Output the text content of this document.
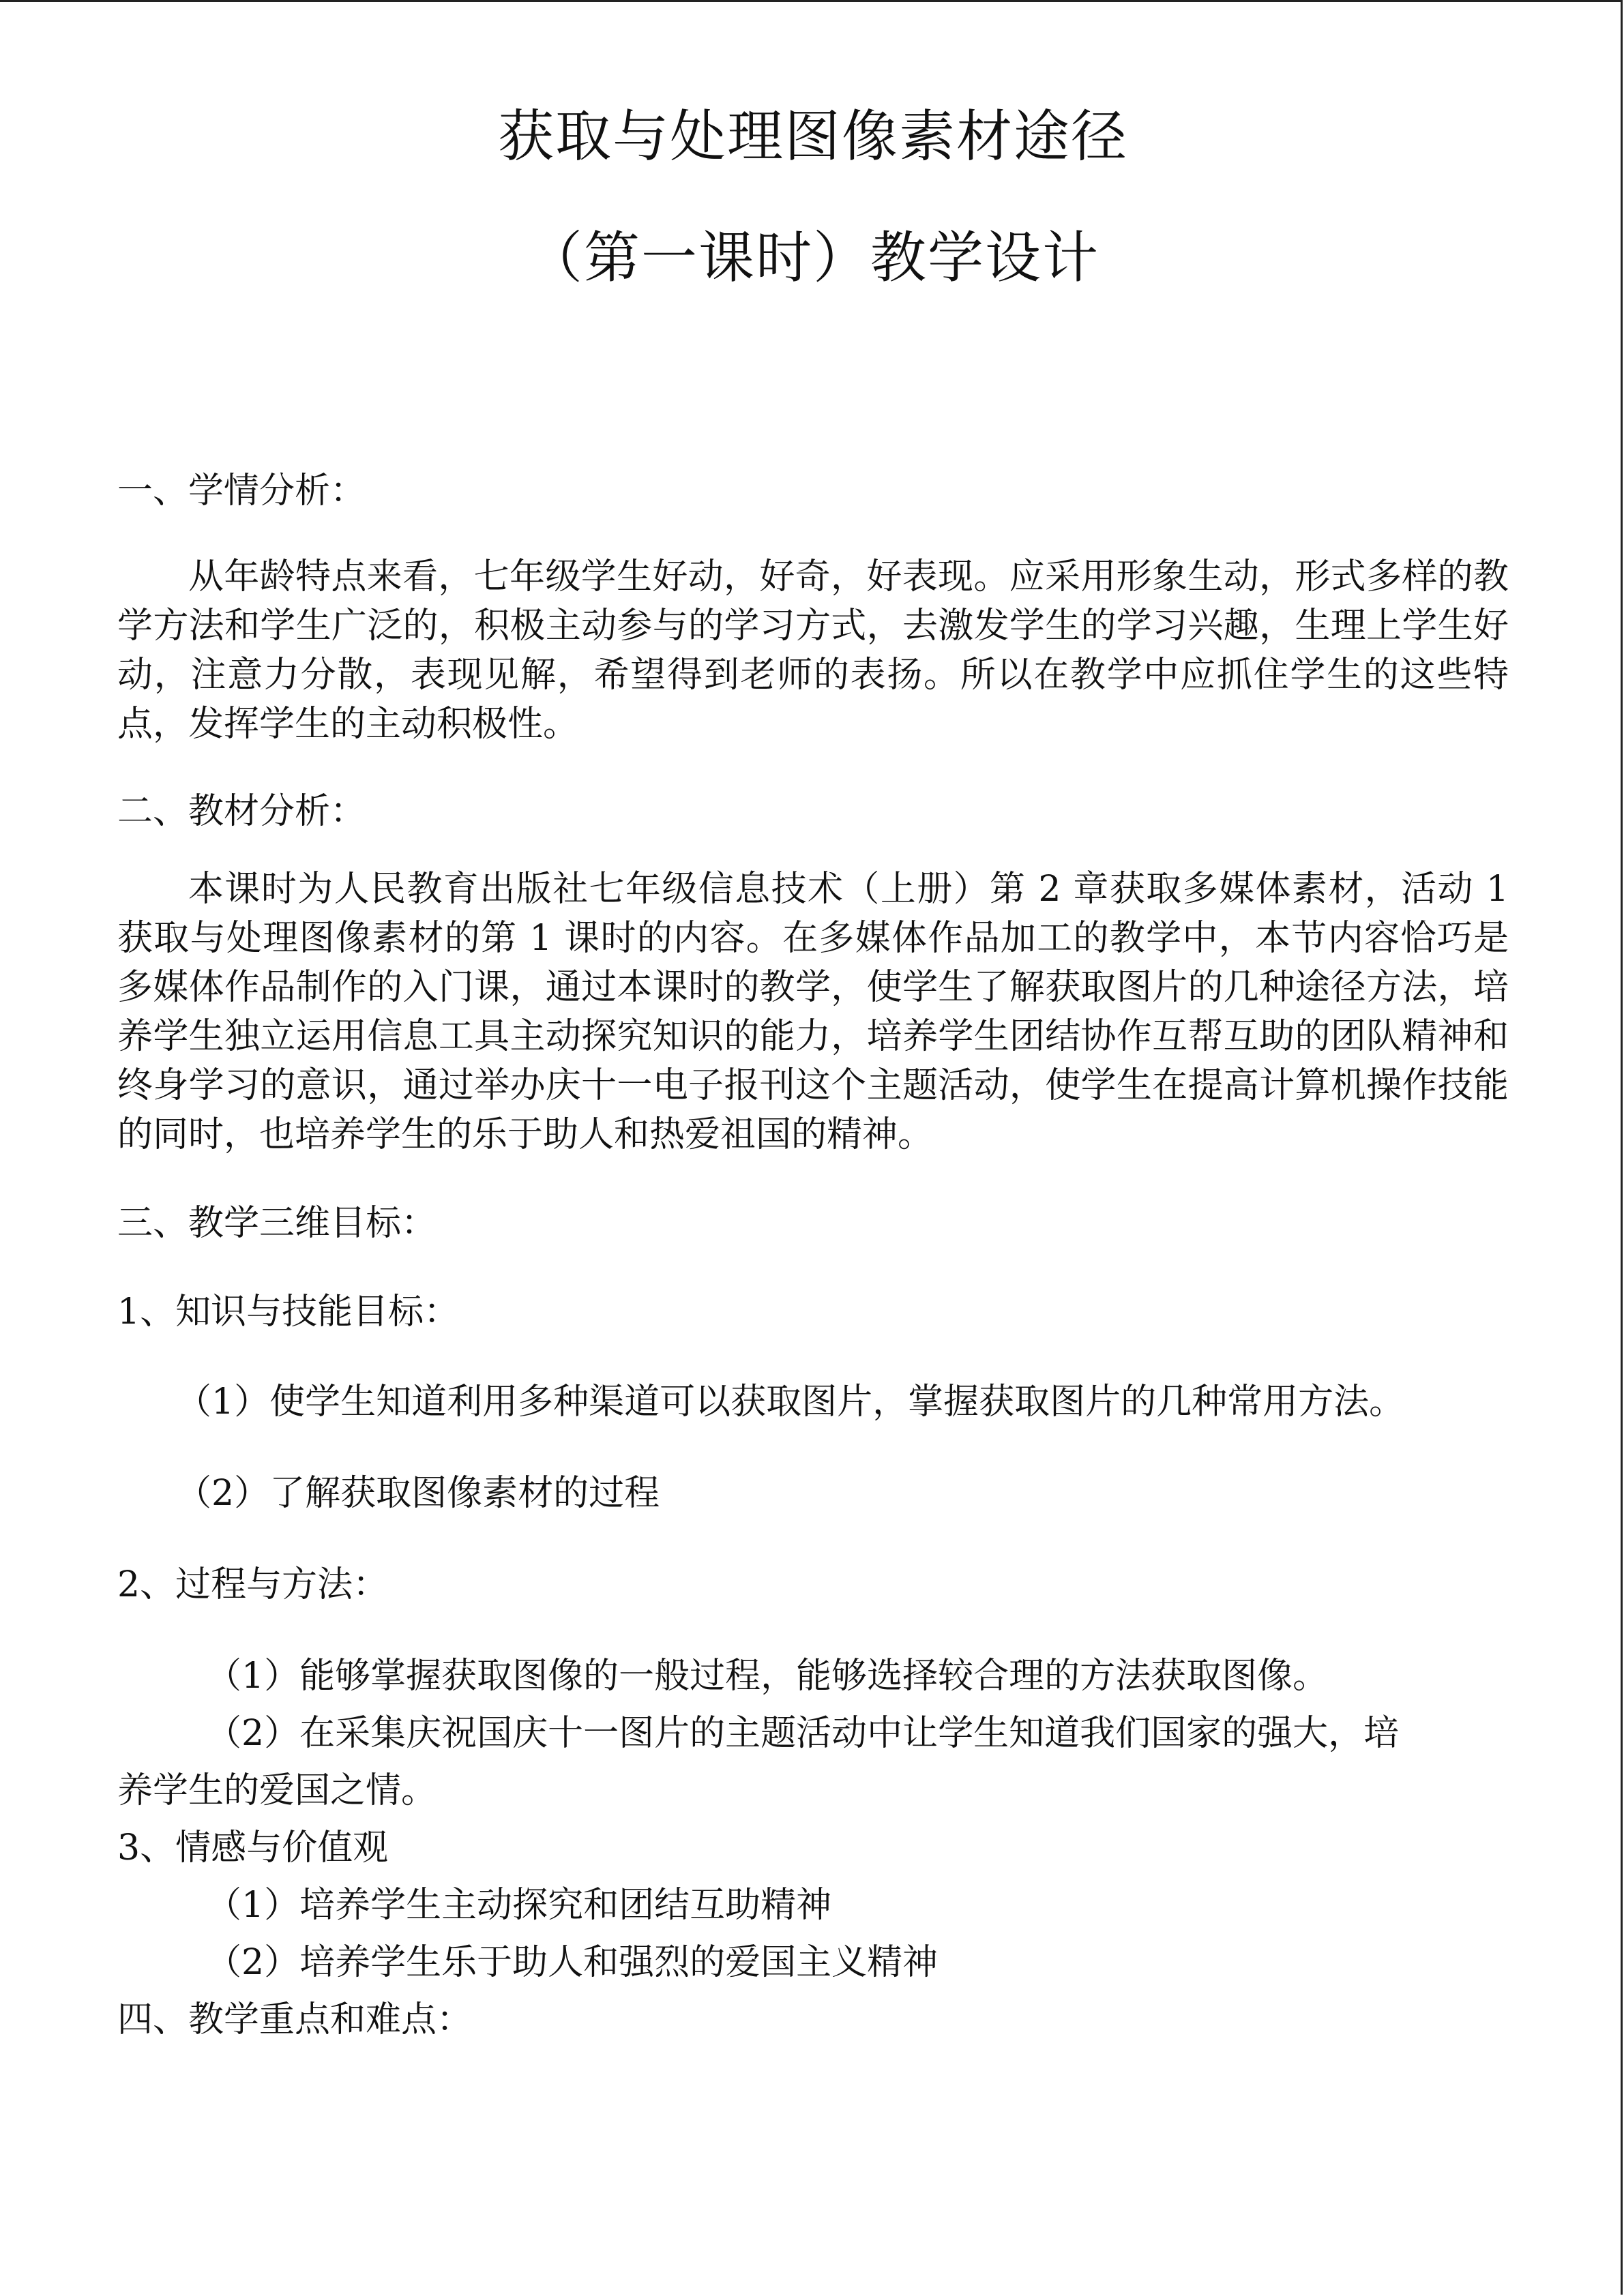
获取与处理图像素材途径
（第一课时）教学设计

一、学情分析：

从年龄特点来看，七年级学生好动，好奇，好表现。应采用形象生动，形式多样的教学方法和学生广泛的，积极主动参与的学习方式，去激发学生的学习兴趣，生理上学生好动，注意力分散，表现见解，希望得到老师的表扬。所以在教学中应抓住学生的这些特点，发挥学生的主动积极性。

二、教材分析：

本课时为人民教育出版社七年级信息技术（上册）第 2 章获取多媒体素材，活动 1 获取与处理图像素材的第 1 课时的内容。在多媒体作品加工的教学中，本节内容恰巧是多媒体作品制作的入门课，通过本课时的教学，使学生了解获取图片的几种途径方法，培养学生独立运用信息工具主动探究知识的能力，培养学生团结协作互帮互助的团队精神和终身学习的意识，通过举办庆十一电子报刊这个主题活动，使学生在提高计算机操作技能的同时，也培养学生的乐于助人和热爱祖国的精神。

三、教学三维目标：

1、知识与技能目标：

（1）使学生知道利用多种渠道可以获取图片，掌握获取图片的几种常用方法。

（2）了解获取图像素材的过程

2、过程与方法：

（1）能够掌握获取图像的一般过程，能够选择较合理的方法获取图像。

（2）在采集庆祝国庆十一图片的主题活动中让学生知道我们国家的强大，培

养学生的爱国之情。

3、情感与价值观

（1）培养学生主动探究和团结互助精神

（2）培养学生乐于助人和强烈的爱国主义精神

四、教学重点和难点：
